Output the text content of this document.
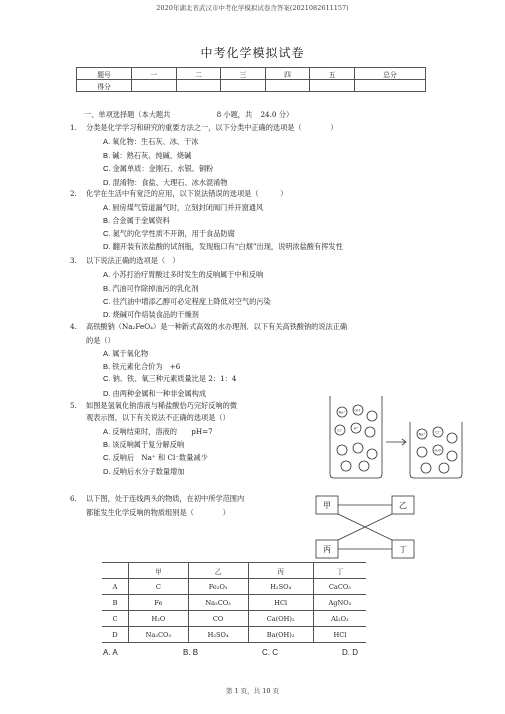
2020年湖北省武汉市中考化学模拟试卷含答案(2021082611157)
中考化学模拟试卷
题号	一	二	三	四	五	总分
得分						
一、单项选择题（本大题共	8 小题，共 24.0 分）
1. 分类是化学学习和研究的重要方法之一，以下分类中正确的选项是（　　　　）
A. 氧化物：生石灰、冰、干冰
B. 碱：熟石灰、纯碱、烧碱
C. 金属单质：金刚石、水银、铜粉
D. 混淆物：食盐、大理石、冰水混淆物
2. 化学在生活中有宽泛的应用，以下说法错误的选项是（　　　）
A. 厨房煤气管道漏气时，立刻封闭阀门并开窗通风
B. 合金属于金属资料
C. 氮气的化学性质不开朗，用于食品防腐
D. 翻开装有浓盐酸的试剂瓶，发现瓶口有“白烟”出现，说明浓盐酸有挥发性
3. 以下说法正确的选项是（　）
A. 小苏打治疗胃酸过多时发生的反响属于中和反响
B. 汽油可作除掉油污的乳化剂
C. 往汽油中增添乙醇可必定程度上降低对空气的污染
D. 烧碱可作焙装食品的干燥剂
4. 高铁酸钠（Na₂FeO₄）是一种新式高效的水办理剂．以下有关高铁酸钠的说法正确
的是（）
A. 属于氧化物
B. 铁元素化合价为　+6
C. 钠、铁、氧三种元素质量比是 2：1：4
D. 由两种金属和一种非金属构成
5. 如图是氢氧化钠溶液与稀盐酸恰巧完好反响的微
观表示图，以下有关说法不正确的选项是（）
A. 反响结束时，溶液的　　pH=7
B. 该反响属于复分解反响
C. 反响后　Na⁺ 和 Cl⁻数量减少
D. 反响后水分子数量增加
Na⁺ OH⁻
Cl⁻	H⁺
Na⁺	Cl⁻
H₂O
6. 以下图，处于连线两头的物质，在初中所学范围内
都能发生化学反响的物质组别是（　　　　）
甲	乙
丙	丁
	甲	乙	丙	丁
A	C	Fe₂O₃	H₂SO₄	CaCO₃
B	Fe	Na₂CO₃	HCl	AgNO₃
C	H₂O	CO	Ca(OH)₂	Al₂O₃
D	Na₂CO₃	H₂SO₄	Ba(OH)₂	HCl
A. A	B. B	C. C	D. D
第 1 页，共 10 页
